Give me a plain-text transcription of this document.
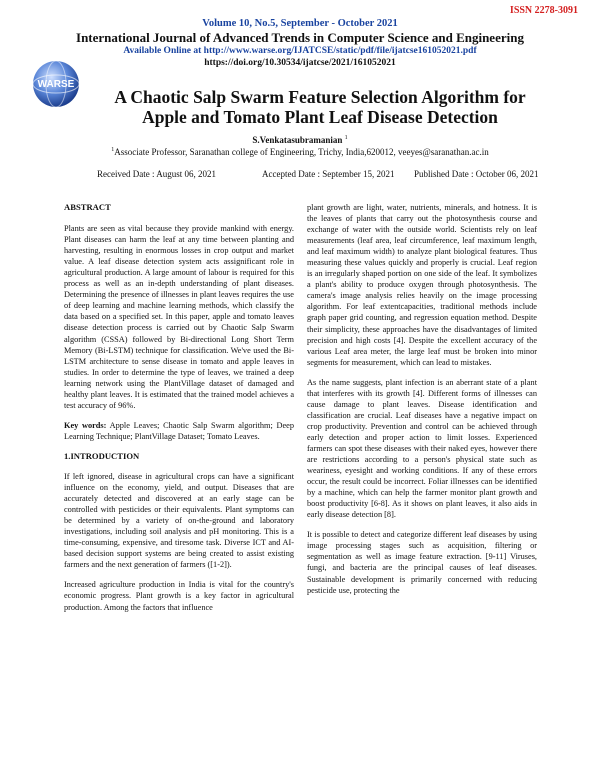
ISSN 2278-3091
Volume 10, No.5, September - October 2021
International Journal of Advanced Trends in Computer Science and Engineering
Available Online at http://www.warse.org/IJATCSE/static/pdf/file/ijatcse161052021.pdf
https://doi.org/10.30534/ijatcse/2021/161052021
WARSE
A Chaotic Salp Swarm Feature Selection Algorithm for
Apple and Tomato Plant Leaf Disease Detection
S.Venkatasubramanian $^1$
$^1$Associate Professor, Saranathan college of Engineering, Trichy, India,620012, veeyes@saranathan.ac.in
Received Date : August 06, 2021	Accepted Date : September 15, 2021 Published Date : October 06, 2021
ABSTRACT

Plants are seen as vital because they provide mankind with energy. Plant diseases can harm the leaf at any time between planting and harvesting, resulting in enormous losses in crop output and market value. A leaf disease detection system acts assignificant role in agricultural production. A large amount of labour is required for this process as well as an in-depth understanding of plant diseases. Determining the presence of illnesses in plant leaves requires the use of deep learning and machine learning methods, which classify the data based on a specified set. In this paper, apple and tomato leaves disease detection process is carried out by Chaotic Salp Swarm algorithm (CSSA) followed by Bi-directional Long Short Term Memory (Bi-LSTM) technique for classification. We've used the Bi-LSTM architecture to sense disease in tomato and apple leaves in studies. In order to determine the type of leaves, we trained a deep learning network using the PlantVillage dataset of damaged and healthy plant leaves. It is estimated that the trained model achieves a test accuracy of 96%.

Key words: Apple Leaves; Chaotic Salp Swarm algorithm; Deep Learning Technique; PlantVillage Dataset; Tomato Leaves.

1.INTRODUCTION

If left ignored, disease in agricultural crops can have a significant influence on the economy, yield, and output. Diseases that are accurately detected and discovered at an early stage can be controlled with pesticides or their equivalents. Plant symptoms can be determined by a variety of on-the-ground and laboratory investigations, including soil analysis and pH monitoring. This is a time-consuming, expensive, and tiresome task. Diverse ICT and AI-based decision support systems are being created to assist existing farmers and the next generation of farmers ([1-2]).

Increased agriculture production in India is vital for the country's economic progress. Plant growth is a key factor in agricultural production. Among the factors that influence

plant growth are light, water, nutrients, minerals, and hotness. It is the leaves of plants that carry out the photosynthesis course and exchange of water with the outside world. Scientists rely on leaf measurements (leaf area, leaf circumference, leaf maximum length, and leaf maximum width) to analyze plant biological features. Thus measuring these values quickly and properly is crucial. Leaf region is an irregularly shaped portion on one side of the leaf. It symbolizes a plant's ability to produce oxygen through photosynthesis. The camera's image analysis relies heavily on the image processing algorithm. For leaf extentcapacities, traditional methods include graph paper grid counting, and regression equation method. Despite their simplicity, these approaches have the disadvantages of limited precision and high costs [4]. Despite the excellent accuracy of the various Leaf area meter, the large leaf must be broken into minor segments for measurement, which can lead to mistakes.

As the name suggests, plant infection is an aberrant state of a plant that interferes with its growth [4]. Different forms of illnesses can cause damage to plant leaves. Disease identification and classification are crucial. Leaf diseases have a negative impact on crop productivity. Prevention and control can be achieved through early detection and proper action to limit losses. Experienced farmers can spot these diseases with their naked eyes, however there are restrictions according to a person's physical state such as weariness, eyesight and working conditions. If any of these errors occur, the result could be incorrect. Foliar illnesses can be identified by a machine, which can help the farmer monitor plant growth and boost productivity [6-8]. As it shows on plant leaves, it also aids in early disease detection [8].

It is possible to detect and categorize different leaf diseases by using image processing stages such as acquisition, filtering or segmentation as well as image feature extraction. [9-11] Viruses, fungi, and bacteria are the principal causes of leaf diseases. Sustainable development is primarily concerned with reducing pesticide use, protecting the
